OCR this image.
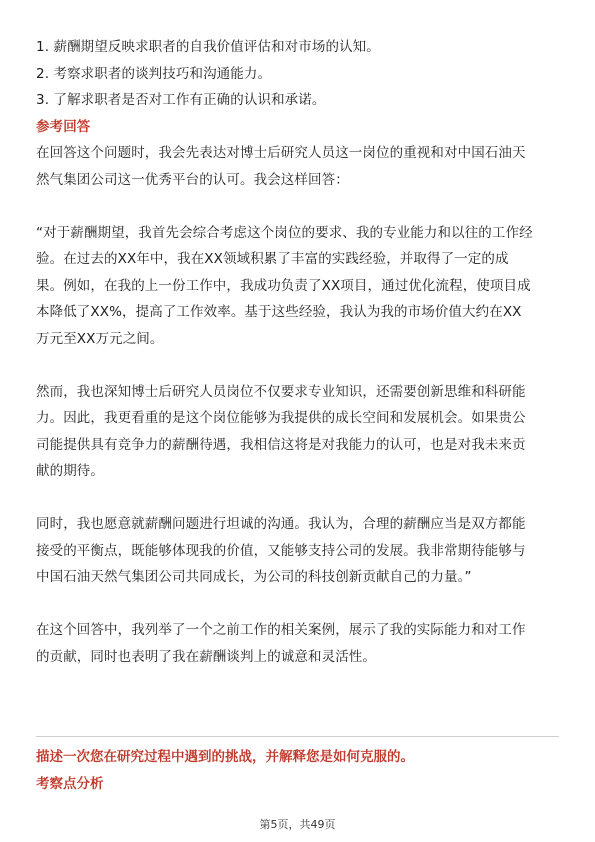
1. 薪酬期望反映求职者的自我价值评估和对市场的认知。
2. 考察求职者的谈判技巧和沟通能力。
3. 了解求职者是否对工作有正确的认识和承诺。
参考回答
在回答这个问题时，我会先表达对博士后研究人员这一岗位的重视和对中国石油天
然气集团公司这一优秀平台的认可。我会这样回答：
“对于薪酬期望，我首先会综合考虑这个岗位的要求、我的专业能力和以往的工作经
验。在过去的XX年中，我在XX领域积累了丰富的实践经验，并取得了一定的成
果。例如，在我的上一份工作中，我成功负责了XX项目，通过优化流程，使项目成
本降低了XX%，提高了工作效率。基于这些经验，我认为我的市场价值大约在XX
万元至XX万元之间。
然而，我也深知博士后研究人员岗位不仅要求专业知识，还需要创新思维和科研能
力。因此，我更看重的是这个岗位能够为我提供的成长空间和发展机会。如果贵公
司能提供具有竞争力的薪酬待遇，我相信这将是对我能力的认可，也是对我未来贡
献的期待。
同时，我也愿意就薪酬问题进行坦诚的沟通。我认为，合理的薪酬应当是双方都能
接受的平衡点，既能够体现我的价值，又能够支持公司的发展。我非常期待能够与
中国石油天然气集团公司共同成长，为公司的科技创新贡献自己的力量。”
在这个回答中，我列举了一个之前工作的相关案例，展示了我的实际能力和对工作
的贡献，同时也表明了我在薪酬谈判上的诚意和灵活性。
描述一次您在研究过程中遇到的挑战，并解释您是如何克服的。
考察点分析
第5页，共49页
